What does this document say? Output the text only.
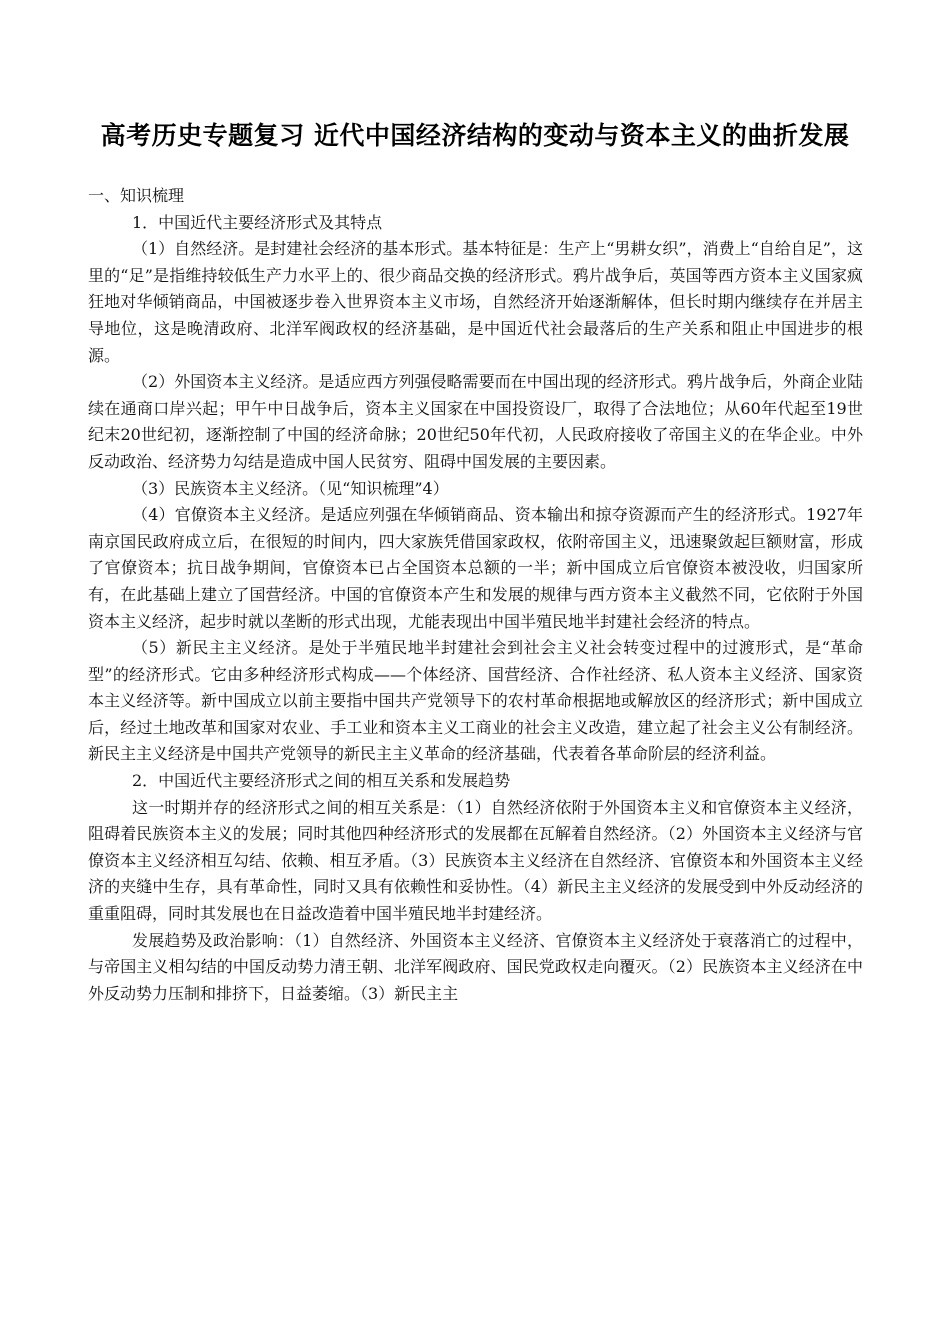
高考历史专题复习 近代中国经济结构的变动与资本主义的曲折发展

一、知识梳理

1．中国近代主要经济形式及其特点

（1）自然经济。是封建社会经济的基本形式。基本特征是：生产上“男耕女织”，消费上“自给自足”，这里的“足”是指维持较低生产力水平上的、很少商品交换的经济形式。鸦片战争后，英国等西方资本主义国家疯狂地对华倾销商品，中国被逐步卷入世界资本主义市场，自然经济开始逐渐解体，但长时期内继续存在并居主导地位，这是晚清政府、北洋军阀政权的经济基础，是中国近代社会最落后的生产关系和阻止中国进步的根源。

（2）外国资本主义经济。是适应西方列强侵略需要而在中国出现的经济形式。鸦片战争后，外商企业陆续在通商口岸兴起；甲午中日战争后，资本主义国家在中国投资设厂，取得了合法地位；从60年代起至19世纪末20世纪初，逐渐控制了中国的经济命脉；20世纪50年代初，人民政府接收了帝国主义的在华企业。中外反动政治、经济势力勾结是造成中国人民贫穷、阻碍中国发展的主要因素。

（3）民族资本主义经济。（见“知识梳理”4）

（4）官僚资本主义经济。是适应列强在华倾销商品、资本输出和掠夺资源而产生的经济形式。1927年南京国民政府成立后，在很短的时间内，四大家族凭借国家政权，依附帝国主义，迅速聚敛起巨额财富，形成了官僚资本；抗日战争期间，官僚资本已占全国资本总额的一半；新中国成立后官僚资本被没收，归国家所有，在此基础上建立了国营经济。中国的官僚资本产生和发展的规律与西方资本主义截然不同，它依附于外国资本主义经济，起步时就以垄断的形式出现，尤能表现出中国半殖民地半封建社会经济的特点。

（5）新民主主义经济。是处于半殖民地半封建社会到社会主义社会转变过程中的过渡形式，是“革命型”的经济形式。它由多种经济形式构成——个体经济、国营经济、合作社经济、私人资本主义经济、国家资本主义经济等。新中国成立以前主要指中国共产党领导下的农村革命根据地或解放区的经济形式；新中国成立后，经过土地改革和国家对农业、手工业和资本主义工商业的社会主义改造，建立起了社会主义公有制经济。新民主主义经济是中国共产党领导的新民主主义革命的经济基础，代表着各革命阶层的经济利益。

2．中国近代主要经济形式之间的相互关系和发展趋势

这一时期并存的经济形式之间的相互关系是：（1）自然经济依附于外国资本主义和官僚资本主义经济，阻碍着民族资本主义的发展；同时其他四种经济形式的发展都在瓦解着自然经济。（2）外国资本主义经济与官僚资本主义经济相互勾结、依赖、相互矛盾。（3）民族资本主义经济在自然经济、官僚资本和外国资本主义经济的夹缝中生存，具有革命性，同时又具有依赖性和妥协性。（4）新民主主义经济的发展受到中外反动经济的重重阻碍，同时其发展也在日益改造着中国半殖民地半封建经济。

发展趋势及政治影响：（1）自然经济、外国资本主义经济、官僚资本主义经济处于衰落消亡的过程中，与帝国主义相勾结的中国反动势力清王朝、北洋军阀政府、国民党政权走向覆灭。（2）民族资本主义经济在中外反动势力压制和排挤下，日益萎缩。（3）新民主主
